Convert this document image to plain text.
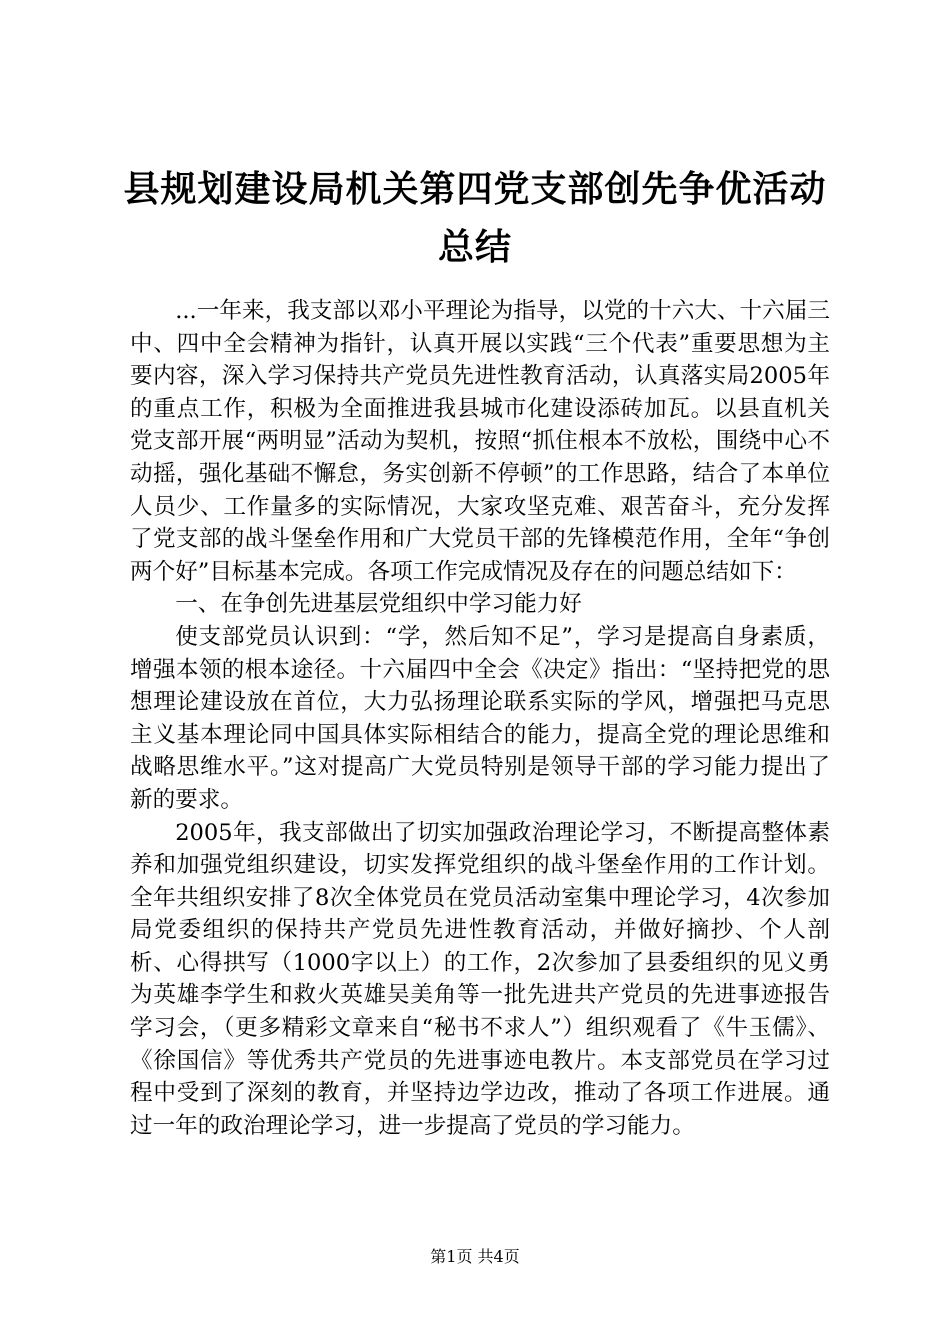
县规划建设局机关第四党支部创先争优活动总结

...一年来，我支部以邓小平理论为指导，以党的十六大、十六届三中、四中全会精神为指针，认真开展以实践“三个代表”重要思想为主要内容，深入学习保持共产党员先进性教育活动，认真落实局2005年的重点工作，积极为全面推进我县城市化建设添砖加瓦。以县直机关党支部开展“两明显”活动为契机，按照“抓住根本不放松，围绕中心不动摇，强化基础不懈怠，务实创新不停顿”的工作思路，结合了本单位人员少、工作量多的实际情况，大家攻坚克难、艰苦奋斗，充分发挥了党支部的战斗堡垒作用和广大党员干部的先锋模范作用，全年“争创两个好”目标基本完成。各项工作完成情况及存在的问题总结如下：

一、在争创先进基层党组织中学习能力好

使支部党员认识到：“学，然后知不足”，学习是提高自身素质，增强本领的根本途径。十六届四中全会《决定》指出：“坚持把党的思想理论建设放在首位，大力弘扬理论联系实际的学风，增强把马克思主义基本理论同中国具体实际相结合的能力，提高全党的理论思维和战略思维水平。”这对提高广大党员特别是领导干部的学习能力提出了新的要求。

2005年，我支部做出了切实加强政治理论学习，不断提高整体素养和加强党组织建设，切实发挥党组织的战斗堡垒作用的工作计划。全年共组织安排了8次全体党员在党员活动室集中理论学习，4次参加局党委组织的保持共产党员先进性教育活动，并做好摘抄、个人剖析、心得拱写（1000字以上）的工作，2次参加了县委组织的见义勇为英雄李学生和救火英雄吴美角等一批先进共产党员的先进事迹报告学习会，（更多精彩文章来自“秘书不求人”）组织观看了《牛玉儒》、《徐国信》等优秀共产党员的先进事迹电教片。本支部党员在学习过程中受到了深刻的教育，并坚持边学边改，推动了各项工作进展。通过一年的政治理论学习，进一步提高了党员的学习能力。

第1页 共4页
